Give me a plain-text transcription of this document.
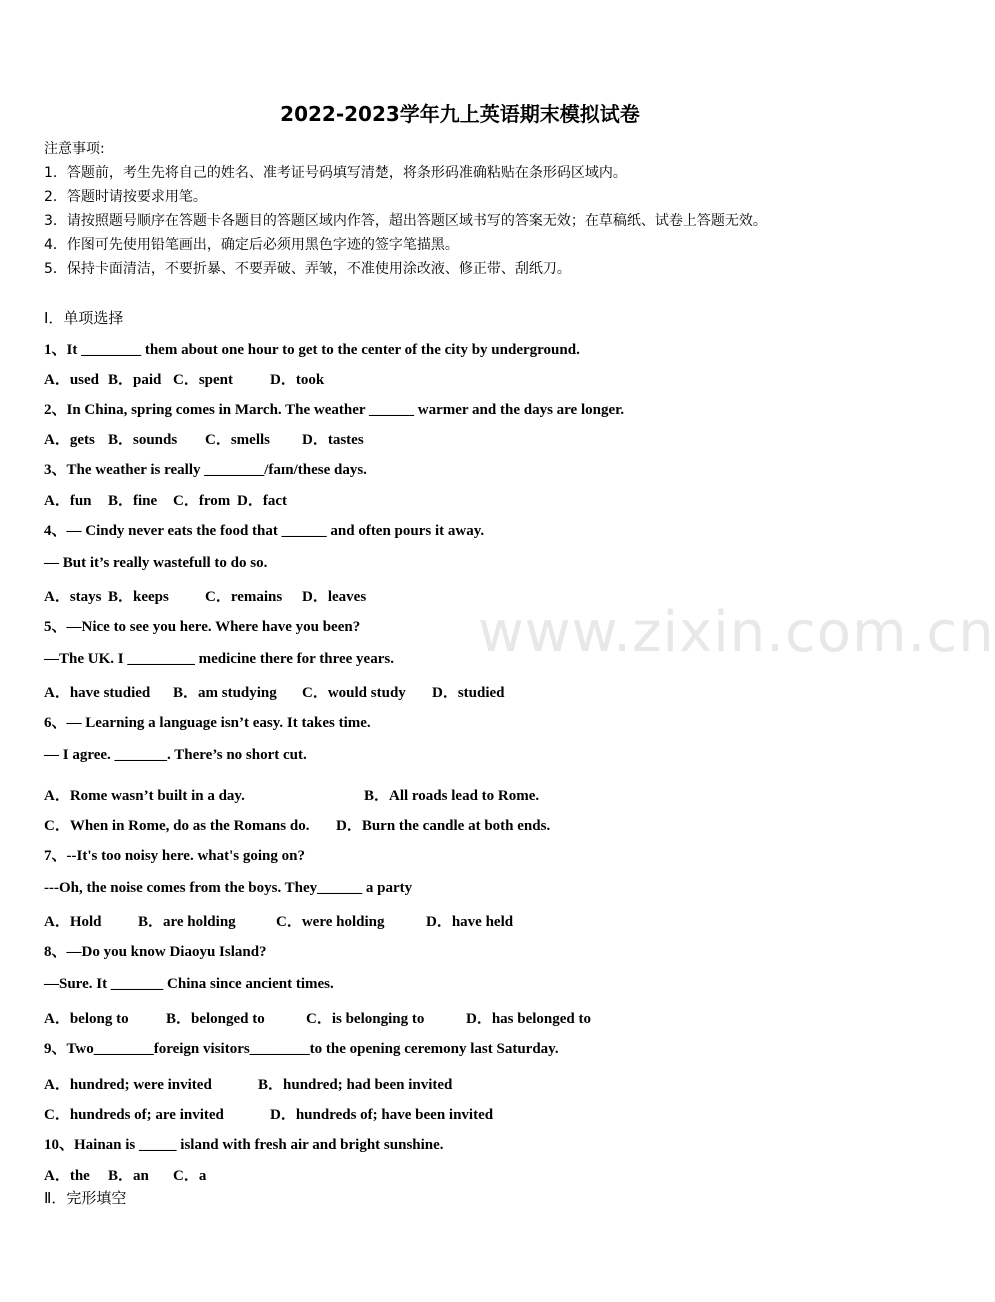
www.zixin.com.cn
2022-2023学年九上英语期末模拟试卷
注意事项:
1．答题前，考生先将自己的姓名、准考证号码填写清楚，将条形码准确粘贴在条形码区域内。
2．答题时请按要求用笔。
3．请按照题号顺序在答题卡各题目的答题区域内作答，超出答题区域书写的答案无效；在草稿纸、试卷上答题无效。
4．作图可先使用铅笔画出，确定后必须用黑色字迹的签字笔描黑。
5．保持卡面清洁，不要折暴、不要弄破、弄皱，不准使用涂改液、修正带、刮纸刀。
Ⅰ．单项选择
1、It ________ them about one hour to get to the center of the city by underground.
A．used B．paid C．spent D．took
2、In China, spring comes in March. The weather ______ warmer and the days are longer.
A．gets B．sounds C．smells D．tastes
3、The weather is really ________/faɪn/these days.
A．fun B．fine C．from D．fact
4、— Cindy never eats the food that ______ and often pours it away.
— But it’s really wastefull to do so.
A．stays B．keeps C．remains D．leaves
5、—Nice to see you here. Where have you been?
—The UK. I _________ medicine there for three years.
A．have studied B．am studying C．would study D．studied
6、— Learning a language isn’t easy. It takes time.
— I agree. _______. There’s no short cut.
A．Rome wasn’t built in a day.	B．All roads lead to Rome.
C．When in Rome, do as the Romans do. D．Burn the candle at both ends.
7、--It's too noisy here. what's going on?
---Oh, the noise comes from the boys. They______ a party
A．Hold B．are holding	C．were holding	D．have held
8、—Do you know Diaoyu Island?
—Sure. It _______ China since ancient times.
A．belong to B．belonged to	C．is belonging to	D．has belonged to
9、Two________foreign visitors________to the opening ceremony last Saturday.
A．hundred; were invited	B．hundred; had been invited
C．hundreds of; are invited	D．hundreds of; have been invited
10、Hainan is _____ island with fresh air and bright sunshine.
A．the B．an C．a
Ⅱ．完形填空
